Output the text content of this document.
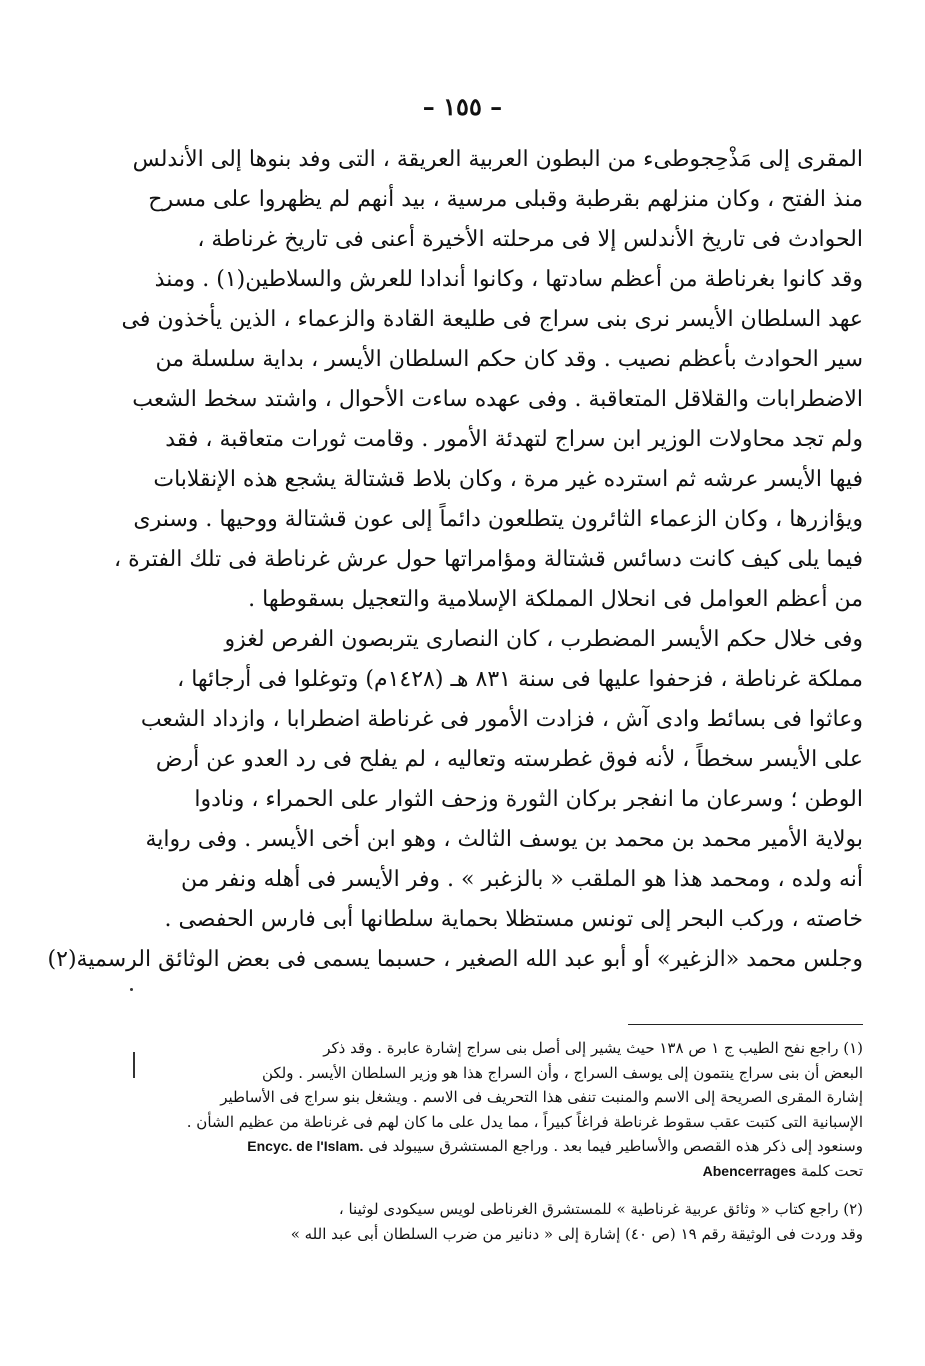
– ١٥٥ –
المقرى إلى مَذْحِجوطىء من البطون العربية العريقة ، التى وفد بنوها إلى الأندلس
منذ الفتح ، وكان منزلهم بقرطبة وقبلى مرسية ، بيد أنهم لم يظهروا على مسرح
الحوادث فى تاريخ الأندلس إلا فى مرحلته الأخيرة أعنى فى تاريخ غرناطة ،
وقد كانوا بغرناطة من أعظم سادتها ، وكانوا أندادا للعرش والسلاطين(١) . ومنذ
عهد السلطان الأيسر نرى بنى سراج فى طليعة القادة والزعماء ، الذين يأخذون فى
سير الحوادث بأعظم نصيب . وقد كان حكم السلطان الأيسر ، بداية سلسلة من
الاضطرابات والقلاقل المتعاقبة . وفى عهده ساءت الأحوال ، واشتد سخط الشعب
ولم تجد محاولات الوزير ابن سراج لتهدئة الأمور . وقامت ثورات متعاقبة ، فقد
فيها الأيسر عرشه ثم استرده غير مرة ، وكان بلاط قشتالة يشجع هذه الإنقلابات
ويؤازرها ، وكان الزعماء الثائرون يتطلعون دائماً إلى عون قشتالة ووحيها . وسنرى
فيما يلى كيف كانت دسائس قشتالة ومؤامراتها حول عرش غرناطة فى تلك الفترة ،
من أعظم العوامل فى انحلال المملكة الإسلامية والتعجيل بسقوطها .
وفى خلال حكم الأيسر المضطرب ، كان النصارى يتربصون الفرص لغزو
مملكة غرناطة ، فزحفوا عليها فى سنة ٨٣١ هـ (١٤٢٨م) وتوغلوا فى أرجائها ،
وعاثوا فى بسائط وادى آش ، فزادت الأمور فى غرناطة اضطرابا ، وازداد الشعب
على الأيسر سخطاً ، لأنه فوق غطرسته وتعاليه ، لم يفلح فى رد العدو عن أرض
الوطن ؛ وسرعان ما انفجر بركان الثورة وزحف الثوار على الحمراء ، ونادوا
بولاية الأمير محمد بن محمد بن يوسف الثالث ، وهو ابن أخى الأيسر . وفى رواية
أنه ولده ، ومحمد هذا هو الملقب « بالزغبر » . وفر الأيسر فى أهله ونفر من
خاصته ، وركب البحر إلى تونس مستظلا بحماية سلطانها أبى فارس الحفصى .
وجلس محمد «الزغير» أو أبو عبد الله الصغير ، حسبما يسمى فى بعض الوثائق الرسمية(٢)
(١) راجع نفح الطيب ج ١ ص ١٣٨ حيث يشير إلى أصل بنى سراج إشارة عابرة . وقد ذكر
البعض أن بنى سراج ينتمون إلى يوسف السراج ، وأن السراج هذا هو وزير السلطان الأيسر . ولكن
إشارة المقرى الصريحة إلى الاسم والمنبت تنفى هذا التحريف فى الاسم . ويشغل بنو سراج فى الأساطير
الإسبانية التى كتبت عقب سقوط غرناطة فراغاً كبيراً ، مما يدل على ما كان لهم فى غرناطة من عظيم الشأن .
وسنعود إلى ذكر هذه القصص والأساطير فيما بعد . وراجع المستشرق سيبولد فى Encyc. de l'Islam.
تحت كلمة Abencerrages
(٢) راجع كتاب « وثائق عربية غرناطية » للمستشرق الغرناطى لويس سيكودى لوثينا ،
وقد وردت فى الوثيقة رقم ١٩ (ص ٤٠) إشارة إلى « دنانير من ضرب السلطان أبى عبد الله »
